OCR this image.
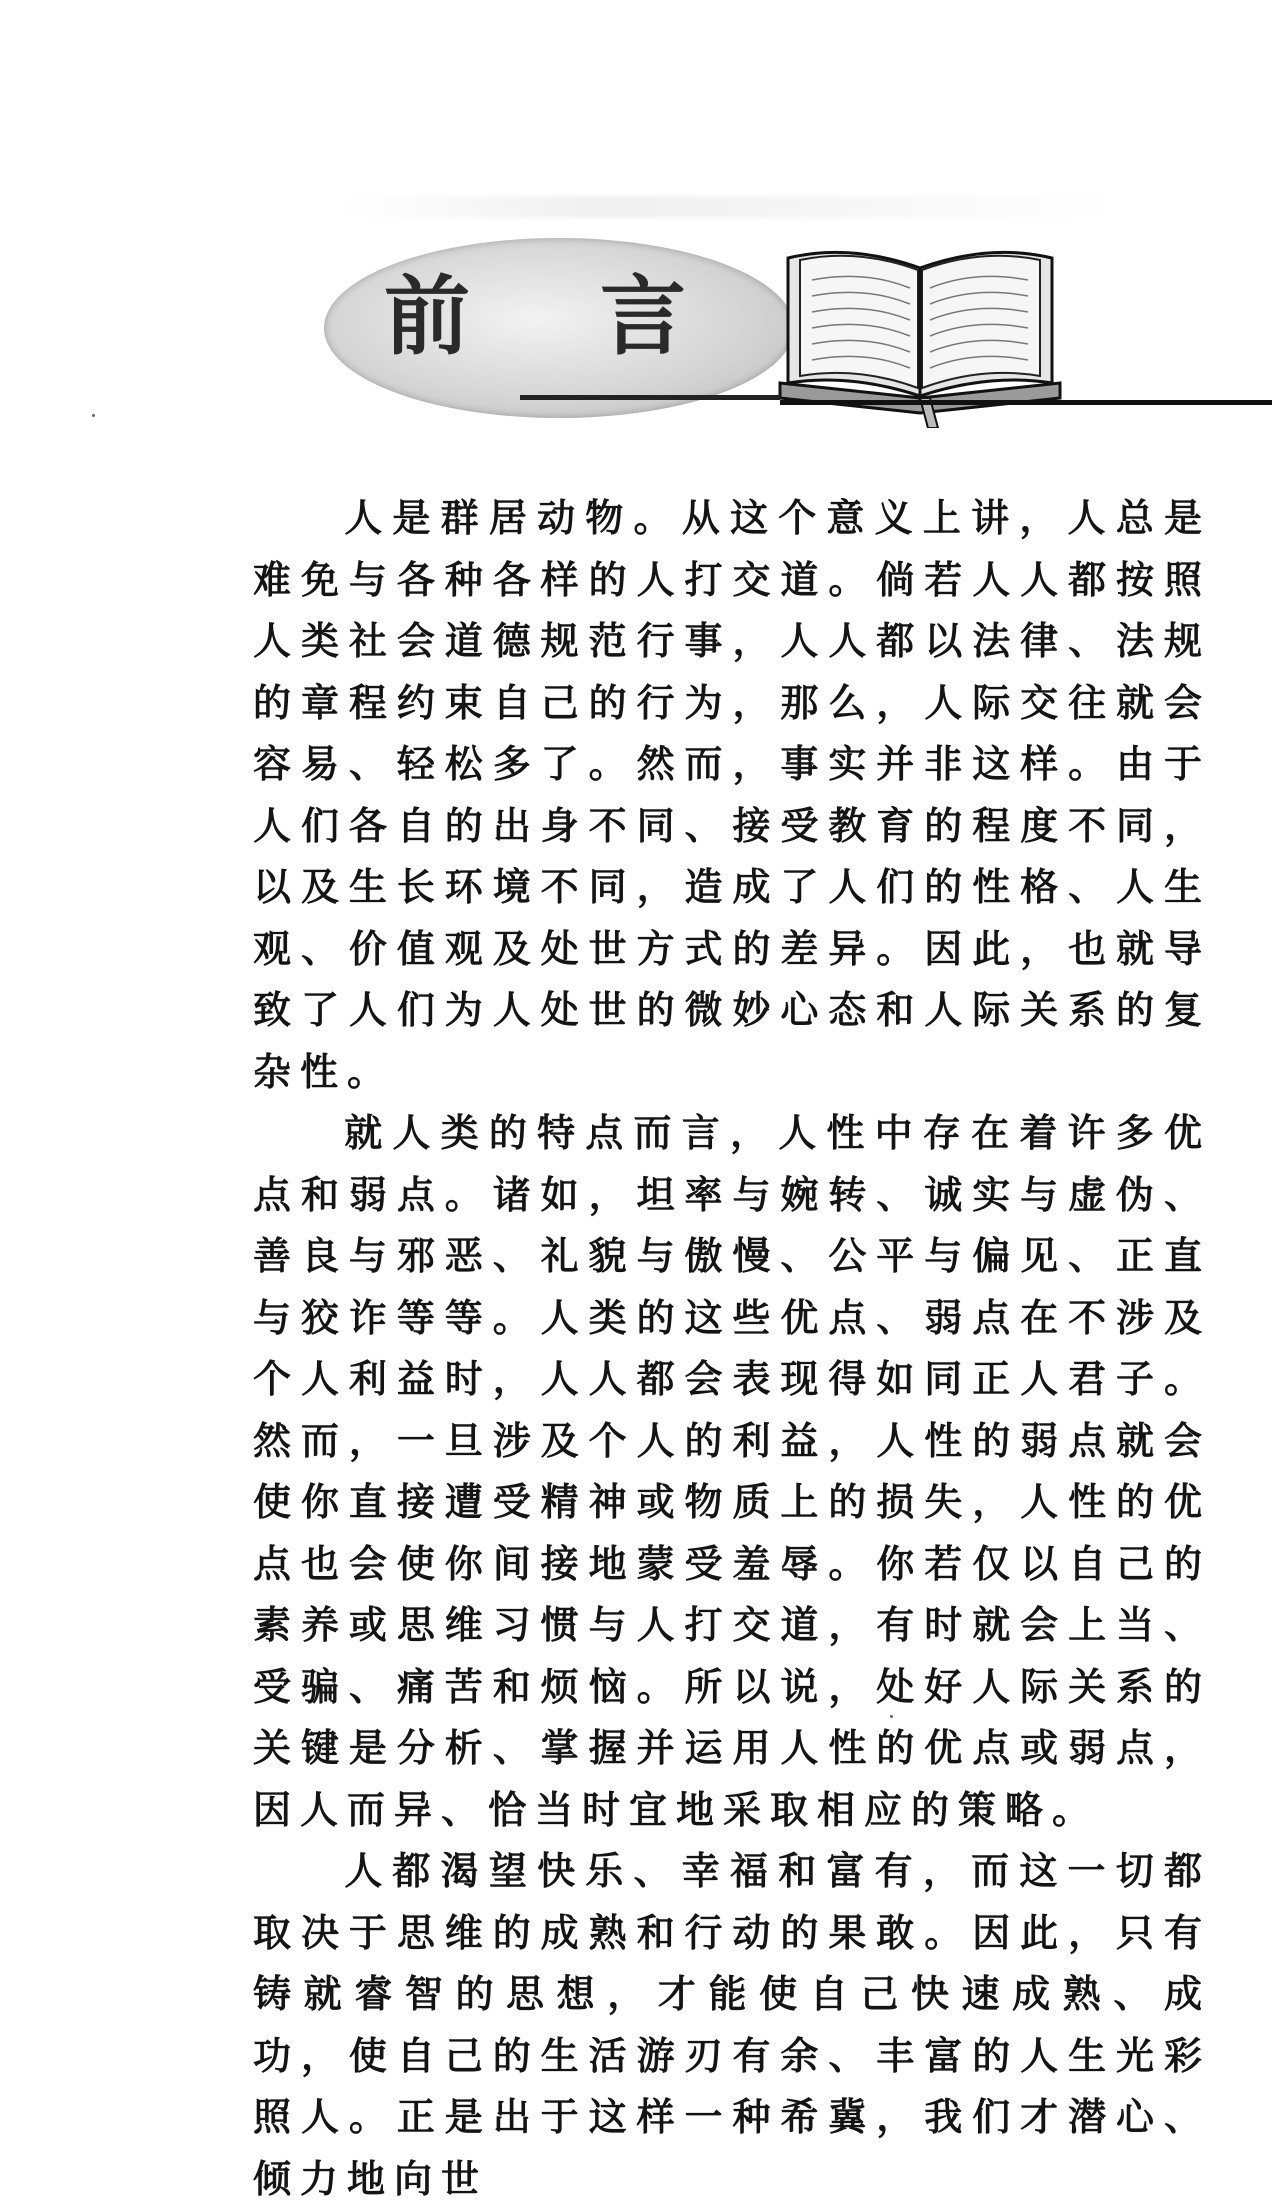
前 言

人是群居动物。从这个意义上讲，人总是难免与各种各样的人打交道。倘若人人都按照人类社会道德规范行事，人人都以法律、法规的章程约束自己的行为，那么，人际交往就会容易、轻松多了。然而，事实并非这样。由于人们各自的出身不同、接受教育的程度不同，以及生长环境不同，造成了人们的性格、人生观、价值观及处世方式的差异。因此，也就导致了人们为人处世的微妙心态和人际关系的复杂性。

就人类的特点而言，人性中存在着许多优点和弱点。诸如，坦率与婉转、诚实与虚伪、善良与邪恶、礼貌与傲慢、公平与偏见、正直与狡诈等等。人类的这些优点、弱点在不涉及个人利益时，人人都会表现得如同正人君子。然而，一旦涉及个人的利益，人性的弱点就会使你直接遭受精神或物质上的损失，人性的优点也会使你间接地蒙受羞辱。你若仅以自己的素养或思维习惯与人打交道，有时就会上当、受骗、痛苦和烦恼。所以说，处好人际关系的关键是分析、掌握并运用人性的优点或弱点，因人而异、恰当时宜地采取相应的策略。

人都渴望快乐、幸福和富有，而这一切都取决于思维的成熟和行动的果敢。因此，只有铸就睿智的思想，才能使自己快速成熟、成功，使自己的生活游刃有余、丰富的人生光彩照人。正是出于这样一种希冀，我们才潜心、倾力地向世
